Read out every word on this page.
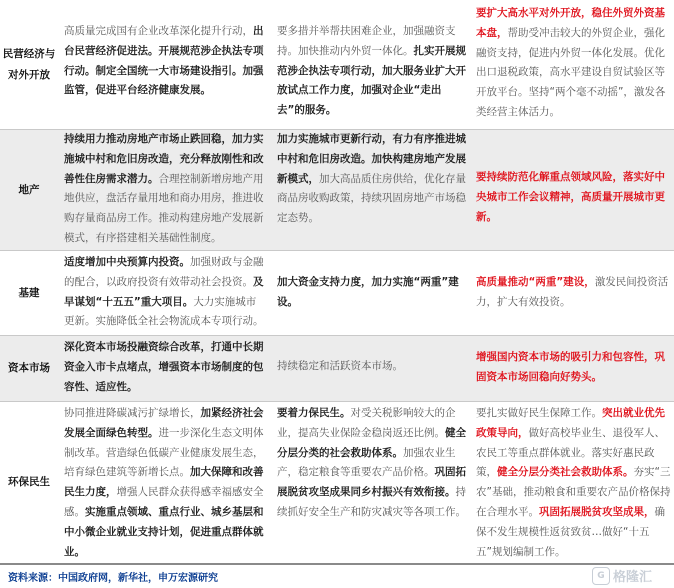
民营经济与对外开放
高质量完成国有企业改革深化提升行动，出台民营经济促进法。开展规范涉企执法专项行动。制定全国统一大市场建设指引。加强监管，促进平台经济健康发展。
要多措并举帮扶困难企业，加强融资支持。加快推动内外贸一体化。扎实开展规范涉企执法专项行动，加大服务业扩大开放试点工作力度，加强对企业“走出去”的服务。
要扩大高水平对外开放，稳住外贸外资基本盘，帮助受冲击较大的外贸企业，强化融资支持，促进内外贸一体化发展。优化出口退税政策，高水平建设自贸试验区等开放平台。坚持“两个毫不动摇”，激发各类经营主体活力。
地产
持续用力推动房地产市场止跌回稳，加力实施城中村和危旧房改造，充分释放刚性和改善性住房需求潜力。合理控制新增房地产用地供应，盘活存量用地和商办用房，推进收购存量商品房工作。推动构建房地产发展新模式，有序搭建相关基础性制度。
加力实施城市更新行动，有力有序推进城中村和危旧房改造。加快构建房地产发展新模式，加大高品质住房供给，优化存量商品房收购政策，持续巩固房地产市场稳定态势。
要持续防范化解重点领域风险，落实好中央城市工作会议精神，高质量开展城市更新。
基建
适度增加中央预算内投资。加强财政与金融的配合，以政府投资有效带动社会投资。及早谋划“十五五”重大项目。大力实施城市更新。实施降低全社会物流成本专项行动。
加大资金支持力度，加力实施“两重”建设。
高质量推动“两重”建设，激发民间投资活力，扩大有效投资。
资本市场
深化资本市场投融资综合改革，打通中长期资金入市卡点堵点，增强资本市场制度的包容性、适应性。
持续稳定和活跃资本市场。
增强国内资本市场的吸引力和包容性，巩固资本市场回稳向好势头。
环保民生
协同推进降碳减污扩绿增长，加紧经济社会发展全面绿色转型。进一步深化生态文明体制改革。营造绿色低碳产业健康发展生态，培育绿色建筑等新增长点。加大保障和改善民生力度，增强人民群众获得感幸福感安全感。实施重点领域、重点行业、城乡基层和中小微企业就业支持计划，促进重点群体就业。
要着力保民生。对受关税影响较大的企业，提高失业保险金稳岗返还比例。健全分层分类的社会救助体系。加强农业生产，稳定粮食等重要农产品价格。巩固拓展脱贫攻坚成果同乡村振兴有效衔接。持续抓好安全生产和防灾减灾等各项工作。
要扎实做好民生保障工作。突出就业优先政策导向，做好高校毕业生、退役军人、农民工等重点群体就业。落实好惠民政策，健全分层分类社会救助体系。夯实“三农”基础，推动粮食和重要农产品价格保持在合理水平。巩固拓展脱贫攻坚成果，确保不发生规模性返贫致贫…做好“十五五”规划编制工作。
资料来源：中国政府网，新华社，申万宏源研究	G 格隆汇
